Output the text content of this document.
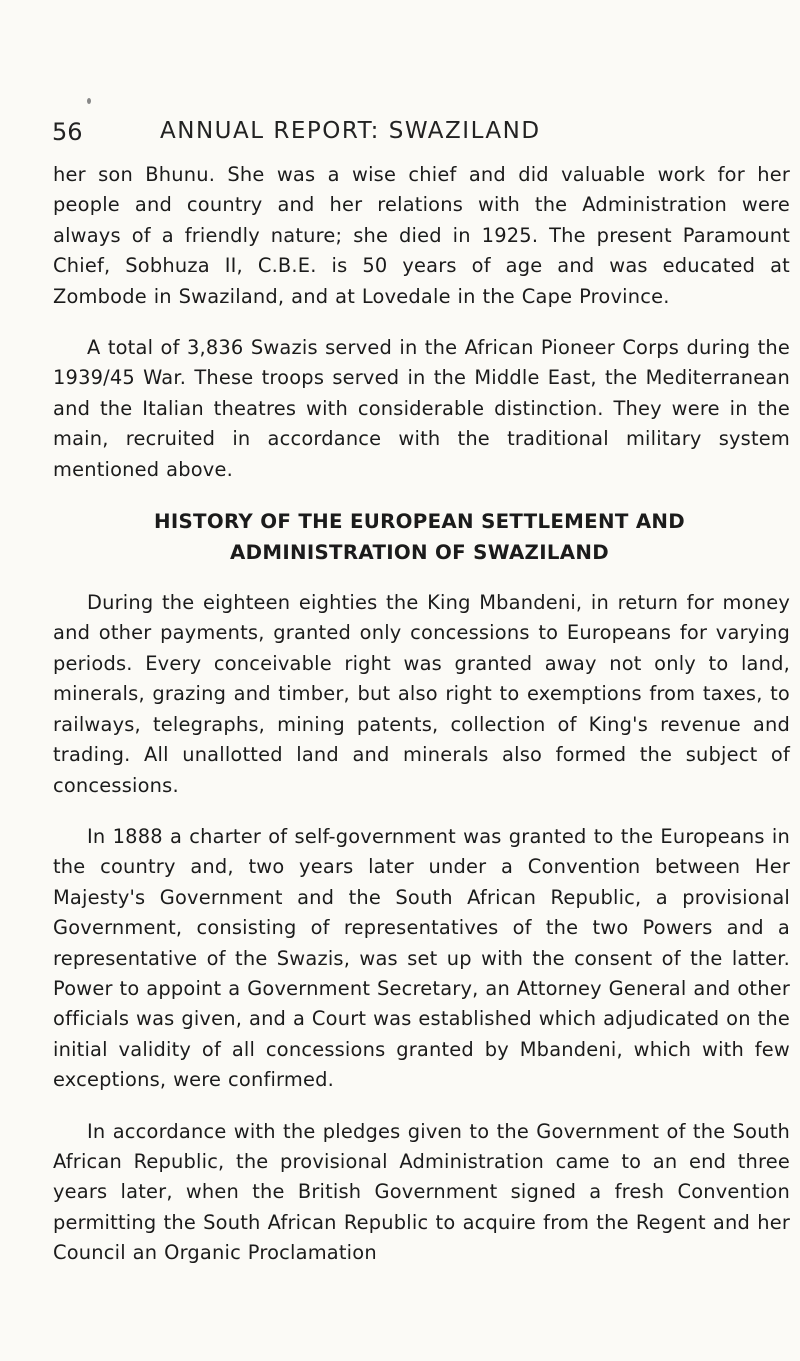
56	ANNUAL REPORT: SWAZILAND

her son Bhunu. She was a wise chief and did valuable work for her people and country and her relations with the Administration were always of a friendly nature; she died in 1925. The present Paramount Chief, Sobhuza II, C.B.E. is 50 years of age and was educated at Zombode in Swaziland, and at Lovedale in the Cape Province.

A total of 3,836 Swazis served in the African Pioneer Corps during the 1939/45 War. These troops served in the Middle East, the Mediterranean and the Italian theatres with considerable distinction. They were in the main, recruited in accordance with the traditional military system mentioned above.

HISTORY OF THE EUROPEAN SETTLEMENT AND ADMINISTRATION OF SWAZILAND

During the eighteen eighties the King Mbandeni, in return for money and other payments, granted only concessions to Europeans for varying periods. Every conceivable right was granted away not only to land, minerals, grazing and timber, but also right to exemptions from taxes, to railways, telegraphs, mining patents, collection of King's revenue and trading. All unallotted land and minerals also formed the subject of concessions.

In 1888 a charter of self-government was granted to the Europeans in the country and, two years later under a Convention between Her Majesty's Government and the South African Republic, a provisional Government, consisting of representatives of the two Powers and a representative of the Swazis, was set up with the consent of the latter. Power to appoint a Government Secretary, an Attorney General and other officials was given, and a Court was established which adjudicated on the initial validity of all concessions granted by Mbandeni, which with few exceptions, were confirmed.

In accordance with the pledges given to the Government of the South African Republic, the provisional Administration came to an end three years later, when the British Government signed a fresh Convention permitting the South African Republic to acquire from the Regent and her Council an Organic Proclamation
